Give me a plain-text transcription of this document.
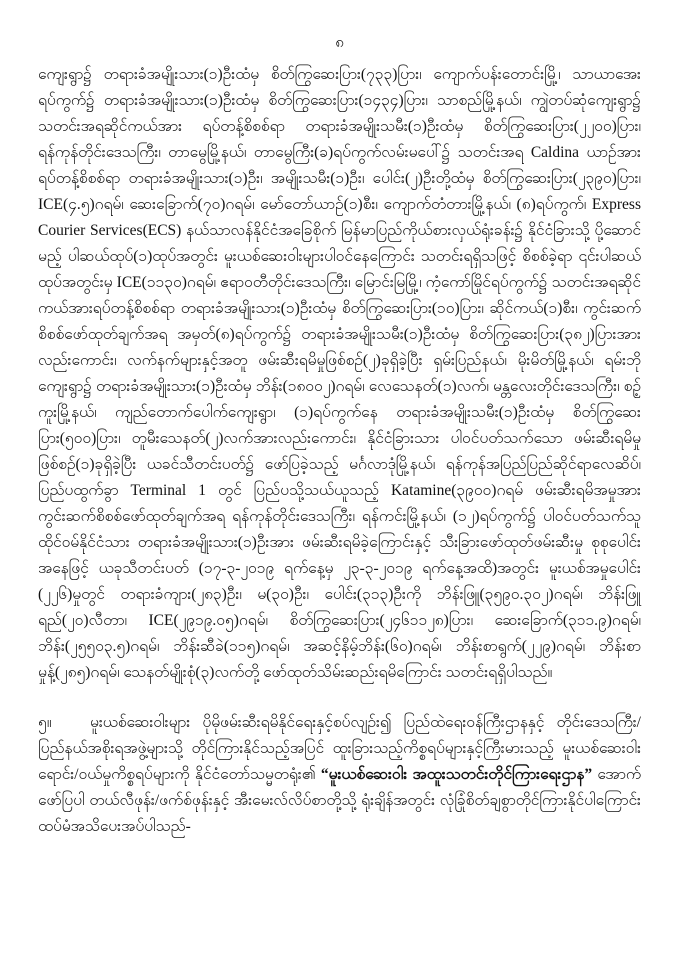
၈

ကျေးရွာ၌ တရားခံအမျိုးသား(၁)ဦးထံမှ စိတ်ကြွဆေးပြား(၇၃၃)ပြား၊ ကျောက်ပန်းတောင်းမြို့၊ သာယာအေးရပ်ကွက်၌ တရားခံအမျိုးသား(၁)ဦးထံမှ စိတ်ကြွဆေးပြား(၁၄၃၄)ပြား၊ သာစည်မြို့နယ်၊ ကျွဲတပ်ဆုံကျေးရွာ၌ သတင်းအရဆိုင်ကယ်အား ရပ်တန့်စိစစ်ရာ တရားခံအမျိုးသမီး(၁)ဦးထံမှ စိတ်ကြွဆေးပြား(၂၂၀၀)ပြား၊ ရန်ကုန်တိုင်းဒေသကြီး၊ တာမွေမြို့နယ်၊ တာမွေကြီး(ခ)ရပ်ကွက်လမ်းမပေါ်၌ သတင်းအရ Caldina ယာဉ်အား ရပ်တန့်စိစစ်ရာ တရားခံအမျိုးသား(၁)ဦး၊ အမျိုးသမီး(၁)ဦး၊ ပေါင်း(၂)ဦးတို့ထံမှ စိတ်ကြွဆေးပြား(၂၃၉၀)ပြား၊ ICE(၄.၅)ဂရမ်၊ ဆေးခြောက်(၇၀)ဂရမ်၊ မော်တော်ယာဉ်(၁)စီး၊ ကျောက်တံတားမြို့နယ်၊ (၈)ရပ်ကွက်၊ Express Courier Services(ECS) နယ်သာလန်နိုင်ငံအခြေစိုက် မြန်မာပြည်ကိုယ်စားလှယ်ရုံးခန်း၌ နိုင်ငံခြားသို့ ပို့ဆောင်မည့် ပါဆယ်ထုပ်(၁)ထုပ်အတွင်း မူးယစ်ဆေးဝါးများပါဝင်နေကြောင်း သတင်းရရှိသဖြင့် စိစစ်ခဲ့ရာ ၎င်းပါဆယ်ထုပ်အတွင်းမှ ICE(၁၁၃၀)ဂရမ်၊ ဧရာဝတီတိုင်းဒေသကြီး၊ မြောင်းမြမြို့၊ ကံ့ကော်မြိုင်ရပ်ကွက်၌ သတင်းအရဆိုင်ကယ်အားရပ်တန့်စိစစ်ရာ တရားခံအမျိုးသား(၁)ဦးထံမှ စိတ်ကြွဆေးပြား(၁၀)ပြား၊ ဆိုင်ကယ်(၁)စီး၊ ကွင်းဆက်စိစစ်ဖော်ထုတ်ချက်အရ အမှတ်(၈)ရပ်ကွက်၌ တရားခံအမျိုးသမီး(၁)ဦးထံမှ စိတ်ကြွဆေးပြား(၃၈၂)ပြားအားလည်းကောင်း၊ လက်နက်များနှင့်အတူ ဖမ်းဆီးရမိမှုဖြစ်စဉ်(၂)ခုရှိခဲ့ပြီး ရှမ်းပြည်နယ်၊ မိုးမိတ်မြို့နယ်၊ ရမ်းဘိုကျေးရွာ၌ တရားခံအမျိုးသား(၁)ဦးထံမှ ဘိန်း(၁၈၀၀၂)ဂရမ်၊ လေသေနတ်(၁)လက်၊ မန္တလေးတိုင်းဒေသကြီး၊ စဉ့်ကူးမြို့နယ်၊ ကျည်တောက်ပေါက်ကျေးရွာ၊ (၁)ရပ်ကွက်နေ တရားခံအမျိုးသမီး(၁)ဦးထံမှ စိတ်ကြွဆေးပြား(၅၀၀)ပြား၊ တူမီးသေနတ်(၂)လက်အားလည်းကောင်း၊ နိုင်ငံခြားသား ပါဝင်ပတ်သက်သော ဖမ်းဆီးရမိမှုဖြစ်စဉ်(၁)ခုရှိခဲ့ပြီး ယခင်သီတင်းပတ်၌ ဖော်ပြခဲ့သည့် မင်္ဂလာဒုံမြို့နယ်၊ ရန်ကုန်အပြည်ပြည်ဆိုင်ရာလေဆိပ်၊ ပြည်ပထွက်ခွာ Terminal 1 တွင် ပြည်ပသို့သယ်ယူသည့် Katamine(၃၉၀၀)ဂရမ် ဖမ်းဆီးရမိအမှုအား ကွင်းဆက်စိစစ်ဖော်ထုတ်ချက်အရ ရန်ကုန်တိုင်းဒေသကြီး၊ ရန်ကင်းမြို့နယ်၊ (၁၂)ရပ်ကွက်၌ ပါဝင်ပတ်သက်သူ ထိုင်ဝမ်နိုင်ငံသား တရားခံအမျိုးသား(၁)ဦးအား ဖမ်းဆီးရမိခဲ့ကြောင်းနှင့် သီးခြားဖော်ထုတ်ဖမ်းဆီးမှု စုစုပေါင်းအနေဖြင့် ယခုသီတင်းပတ် (၁၇-၃-၂၀၁၉ ရက်နေ့မှ ၂၃-၃-၂၀၁၉ ရက်နေ့အထိ)အတွင်း မူးယစ်အမှုပေါင်း (၂၂၆)မှုတွင် တရားခံကျား(၂၈၃)ဦး၊ မ(၃၀)ဦး၊ ပေါင်း(၃၁၃)ဦးကို ဘိန်းဖြူ(၃၅၉၀.၃၀၂)ဂရမ်၊ ဘိန်းဖြူရည်(၂၀)လီတာ၊ ICE(၂၉၁၉.၀၅)ဂရမ်၊ စိတ်ကြွဆေးပြား(၂၄၆၁၁၂၈)ပြား၊ ဆေးခြောက်(၃၁၁.၉)ဂရမ်၊ ဘိန်း(၂၅၅၀၃.၅)ဂရမ်၊ ဘိန်းဆီခဲ(၁၁၅)ဂရမ်၊ အဆင့်နိမ့်ဘိန်း(၆၀)ဂရမ်၊ ဘိန်းစာရွက်(၂၂၉)ဂရမ်၊ ဘိန်းစာမှုန့်(၂၈၅)ဂရမ်၊ သေနတ်မျိုးစုံ(၃)လက်တို့ ဖော်ထုတ်သိမ်းဆည်းရမိကြောင်း သတင်းရရှိပါသည်။

၅။ မူးယစ်ဆေးဝါးများ ပိုမိုဖမ်းဆီးရမိနိုင်ရေးနှင့်စပ်လျဉ်း၍ ပြည်ထဲရေးဝန်ကြီးဌာနနှင့် တိုင်းဒေသကြီး/ပြည်နယ်အစိုးရအဖွဲ့များသို့ တိုင်ကြားနိုင်သည့်အပြင် ထူးခြားသည့်ကိစ္စရပ်များနှင့်ကြီးမားသည့် မူးယစ်ဆေးဝါးရောင်း/ဝယ်မှုကိစ္စရပ်များကို နိုင်ငံတော်သမ္မတရုံး၏ “မူးယစ်ဆေးဝါး အထူးသတင်းတိုင်ကြားရေးဌာန” အောက်ဖော်ပြပါ တယ်လီဖုန်း/ဖက်စ်ဖုန်းနှင့် အီးမေးလ်လိပ်စာတို့သို့ ရုံးချိန်အတွင်း လုံခြုံစိတ်ချစွာတိုင်ကြားနိုင်ပါကြောင်း ထပ်မံအသိပေးအပ်ပါသည်-
